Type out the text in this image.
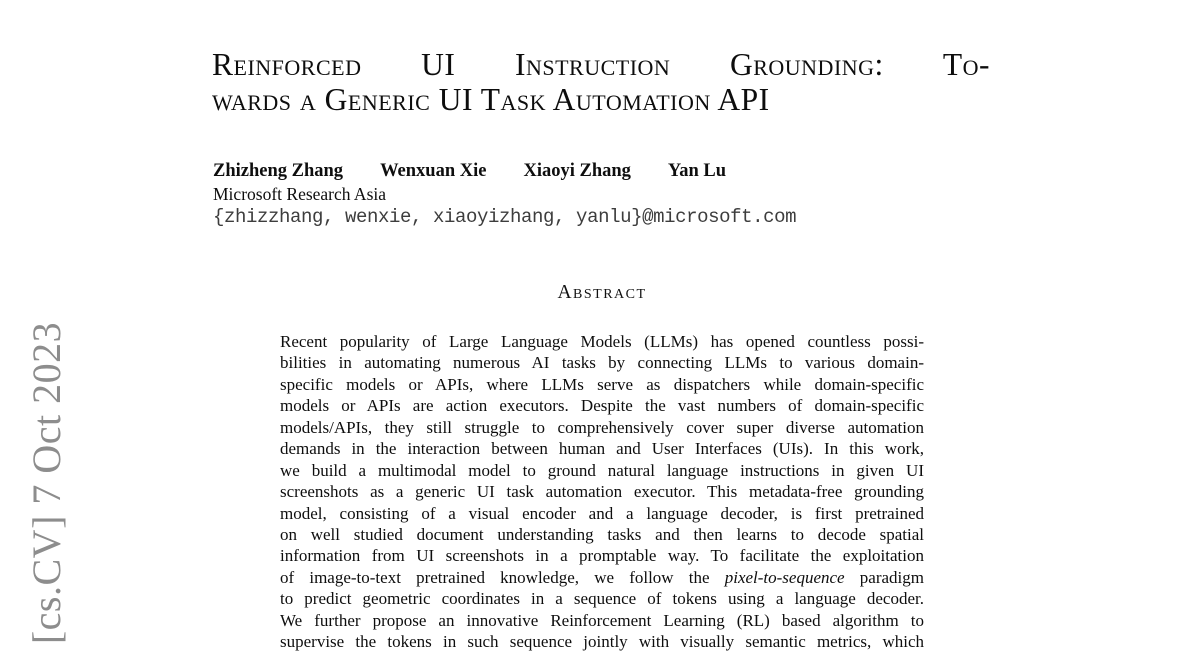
[cs.CV] 7 Oct 2023
Reinforced UI Instruction Grounding: To-
wards a Generic UI Task Automation API
Zhizheng Zhang Wenxuan Xie Xiaoyi Zhang Yan Lu
Microsoft Research Asia
{zhizzhang, wenxie, xiaoyizhang, yanlu}@microsoft.com
Abstract
Recent popularity of Large Language Models (LLMs) has opened countless possi-
bilities in automating numerous AI tasks by connecting LLMs to various domain-
specific models or APIs, where LLMs serve as dispatchers while domain-specific
models or APIs are action executors. Despite the vast numbers of domain-specific
models/APIs, they still struggle to comprehensively cover super diverse automation
demands in the interaction between human and User Interfaces (UIs). In this work,
we build a multimodal model to ground natural language instructions in given UI
screenshots as a generic UI task automation executor. This metadata-free grounding
model, consisting of a visual encoder and a language decoder, is first pretrained
on well studied document understanding tasks and then learns to decode spatial
information from UI screenshots in a promptable way. To facilitate the exploitation
of image-to-text pretrained knowledge, we follow the pixel-to-sequence paradigm
to predict geometric coordinates in a sequence of tokens using a language decoder.
We further propose an innovative Reinforcement Learning (RL) based algorithm to
supervise the tokens in such sequence jointly with visually semantic metrics, which
